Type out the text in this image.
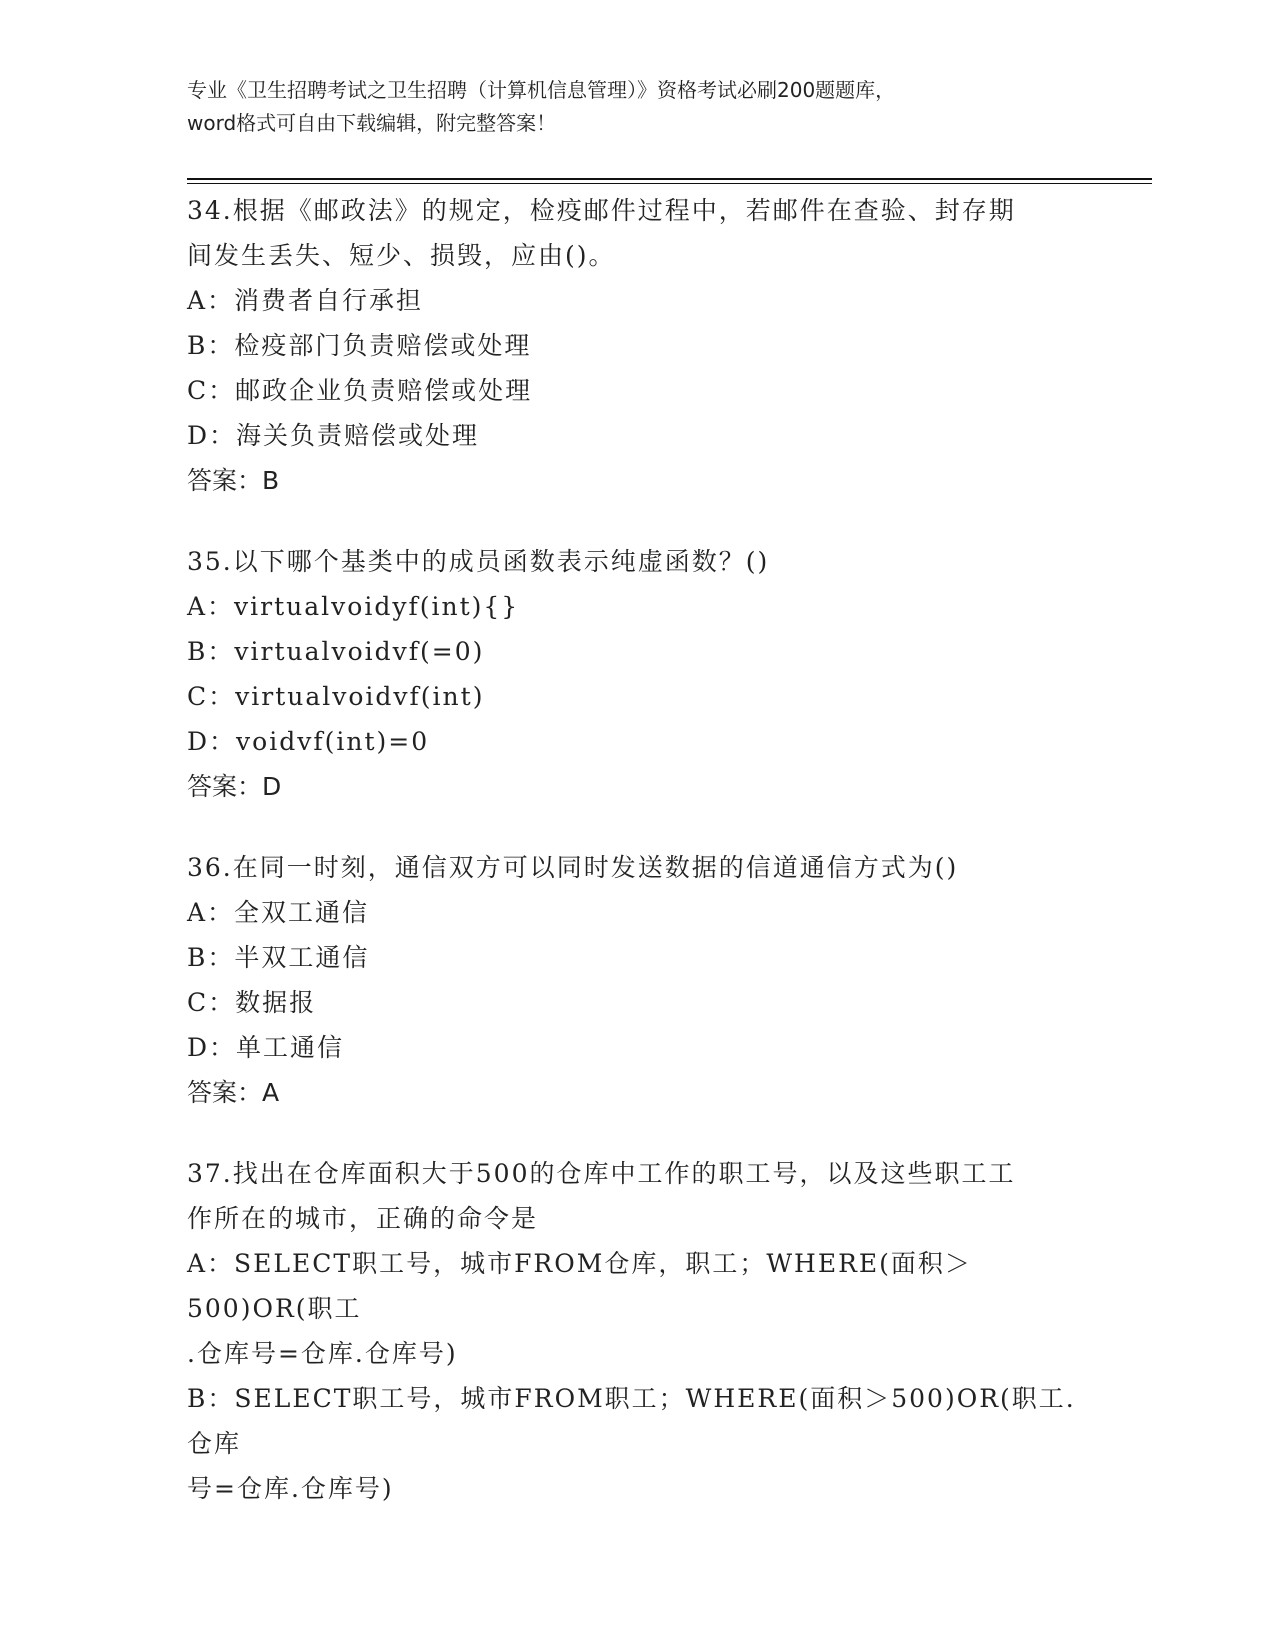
专业《卫生招聘考试之卫生招聘（计算机信息管理）》资格考试必刷200题题库，
word格式可自由下载编辑，附完整答案！

34.根据《邮政法》的规定，检疫邮件过程中，若邮件在查验、封存期

间发生丢失、短少、损毁，应由()。

A：消费者自行承担

B：检疫部门负责赔偿或处理

C：邮政企业负责赔偿或处理

D：海关负责赔偿或处理

答案：B

35.以下哪个基类中的成员函数表示纯虚函数？()

A：virtualvoidyf(int){}

B：virtualvoidvf(=0)

C：virtualvoidvf(int)

D：voidvf(int)=0

答案：D

36.在同一时刻，通信双方可以同时发送数据的信道通信方式为()

A：全双工通信

B：半双工通信

C：数据报

D：单工通信

答案：A

37.找出在仓库面积大于500的仓库中工作的职工号，以及这些职工工

作所在的城市，正确的命令是

A：SELECT职工号，城市FROM仓库，职工；WHERE(面积＞500)OR(职工

.仓库号=仓库.仓库号)

B：SELECT职工号，城市FROM职工；WHERE(面积＞500)OR(职工.仓库

号=仓库.仓库号)
